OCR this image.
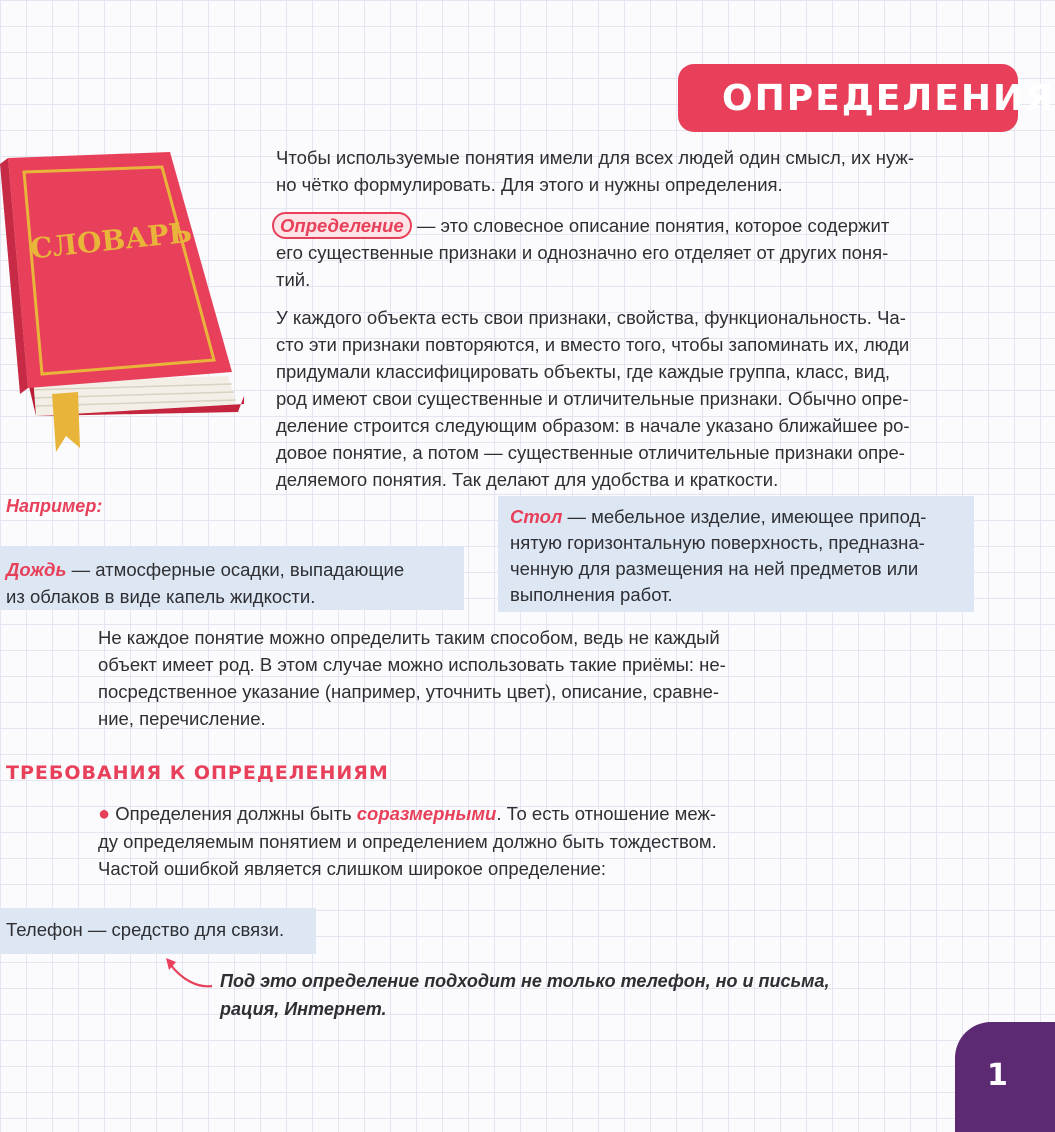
ОПРЕДЕЛЕНИЯ
СЛОВАРЬ
Чтобы используемые понятия имели для всех людей один смысл, их нуж-
но чётко формулировать. Для этого и нужны определения.
Определение — это словесное описание понятия, которое содержит
его существенные признаки и однозначно его отделяет от других поня-
тий.
У каждого объекта есть свои признаки, свойства, функциональность. Ча-
сто эти признаки повторяются, и вместо того, чтобы запоминать их, люди
придумали классифицировать объекты, где каждые группа, класс, вид,
род имеют свои существенные и отличительные признаки. Обычно опре-
деление строится следующим образом: в начале указано ближайшее ро-
довое понятие, а потом — существенные отличительные признаки опре-
деляемого понятия. Так делают для удобства и краткости.
Например:
Дождь — атмосферные осадки, выпадающие
из облаков в виде капель жидкости.
Стол — мебельное изделие, имеющее припод-
нятую горизонтальную поверхность, предназна-
ченную для размещения на ней предметов или
выполнения работ.
Не каждое понятие можно определить таким способом, ведь не каждый
объект имеет род. В этом случае можно использовать такие приёмы: не-
посредственное указание (например, уточнить цвет), описание, сравне-
ние, перечисление.
ТРЕБОВАНИЯ К ОПРЕДЕЛЕНИЯМ
● Определения должны быть соразмерными. То есть отношение меж-
ду определяемым понятием и определением должно быть тождеством.
Частой ошибкой является слишком широкое определение:
Телефон — средство для связи.
Под это определение подходит не только телефон, но и письма,
рация, Интернет.
1
